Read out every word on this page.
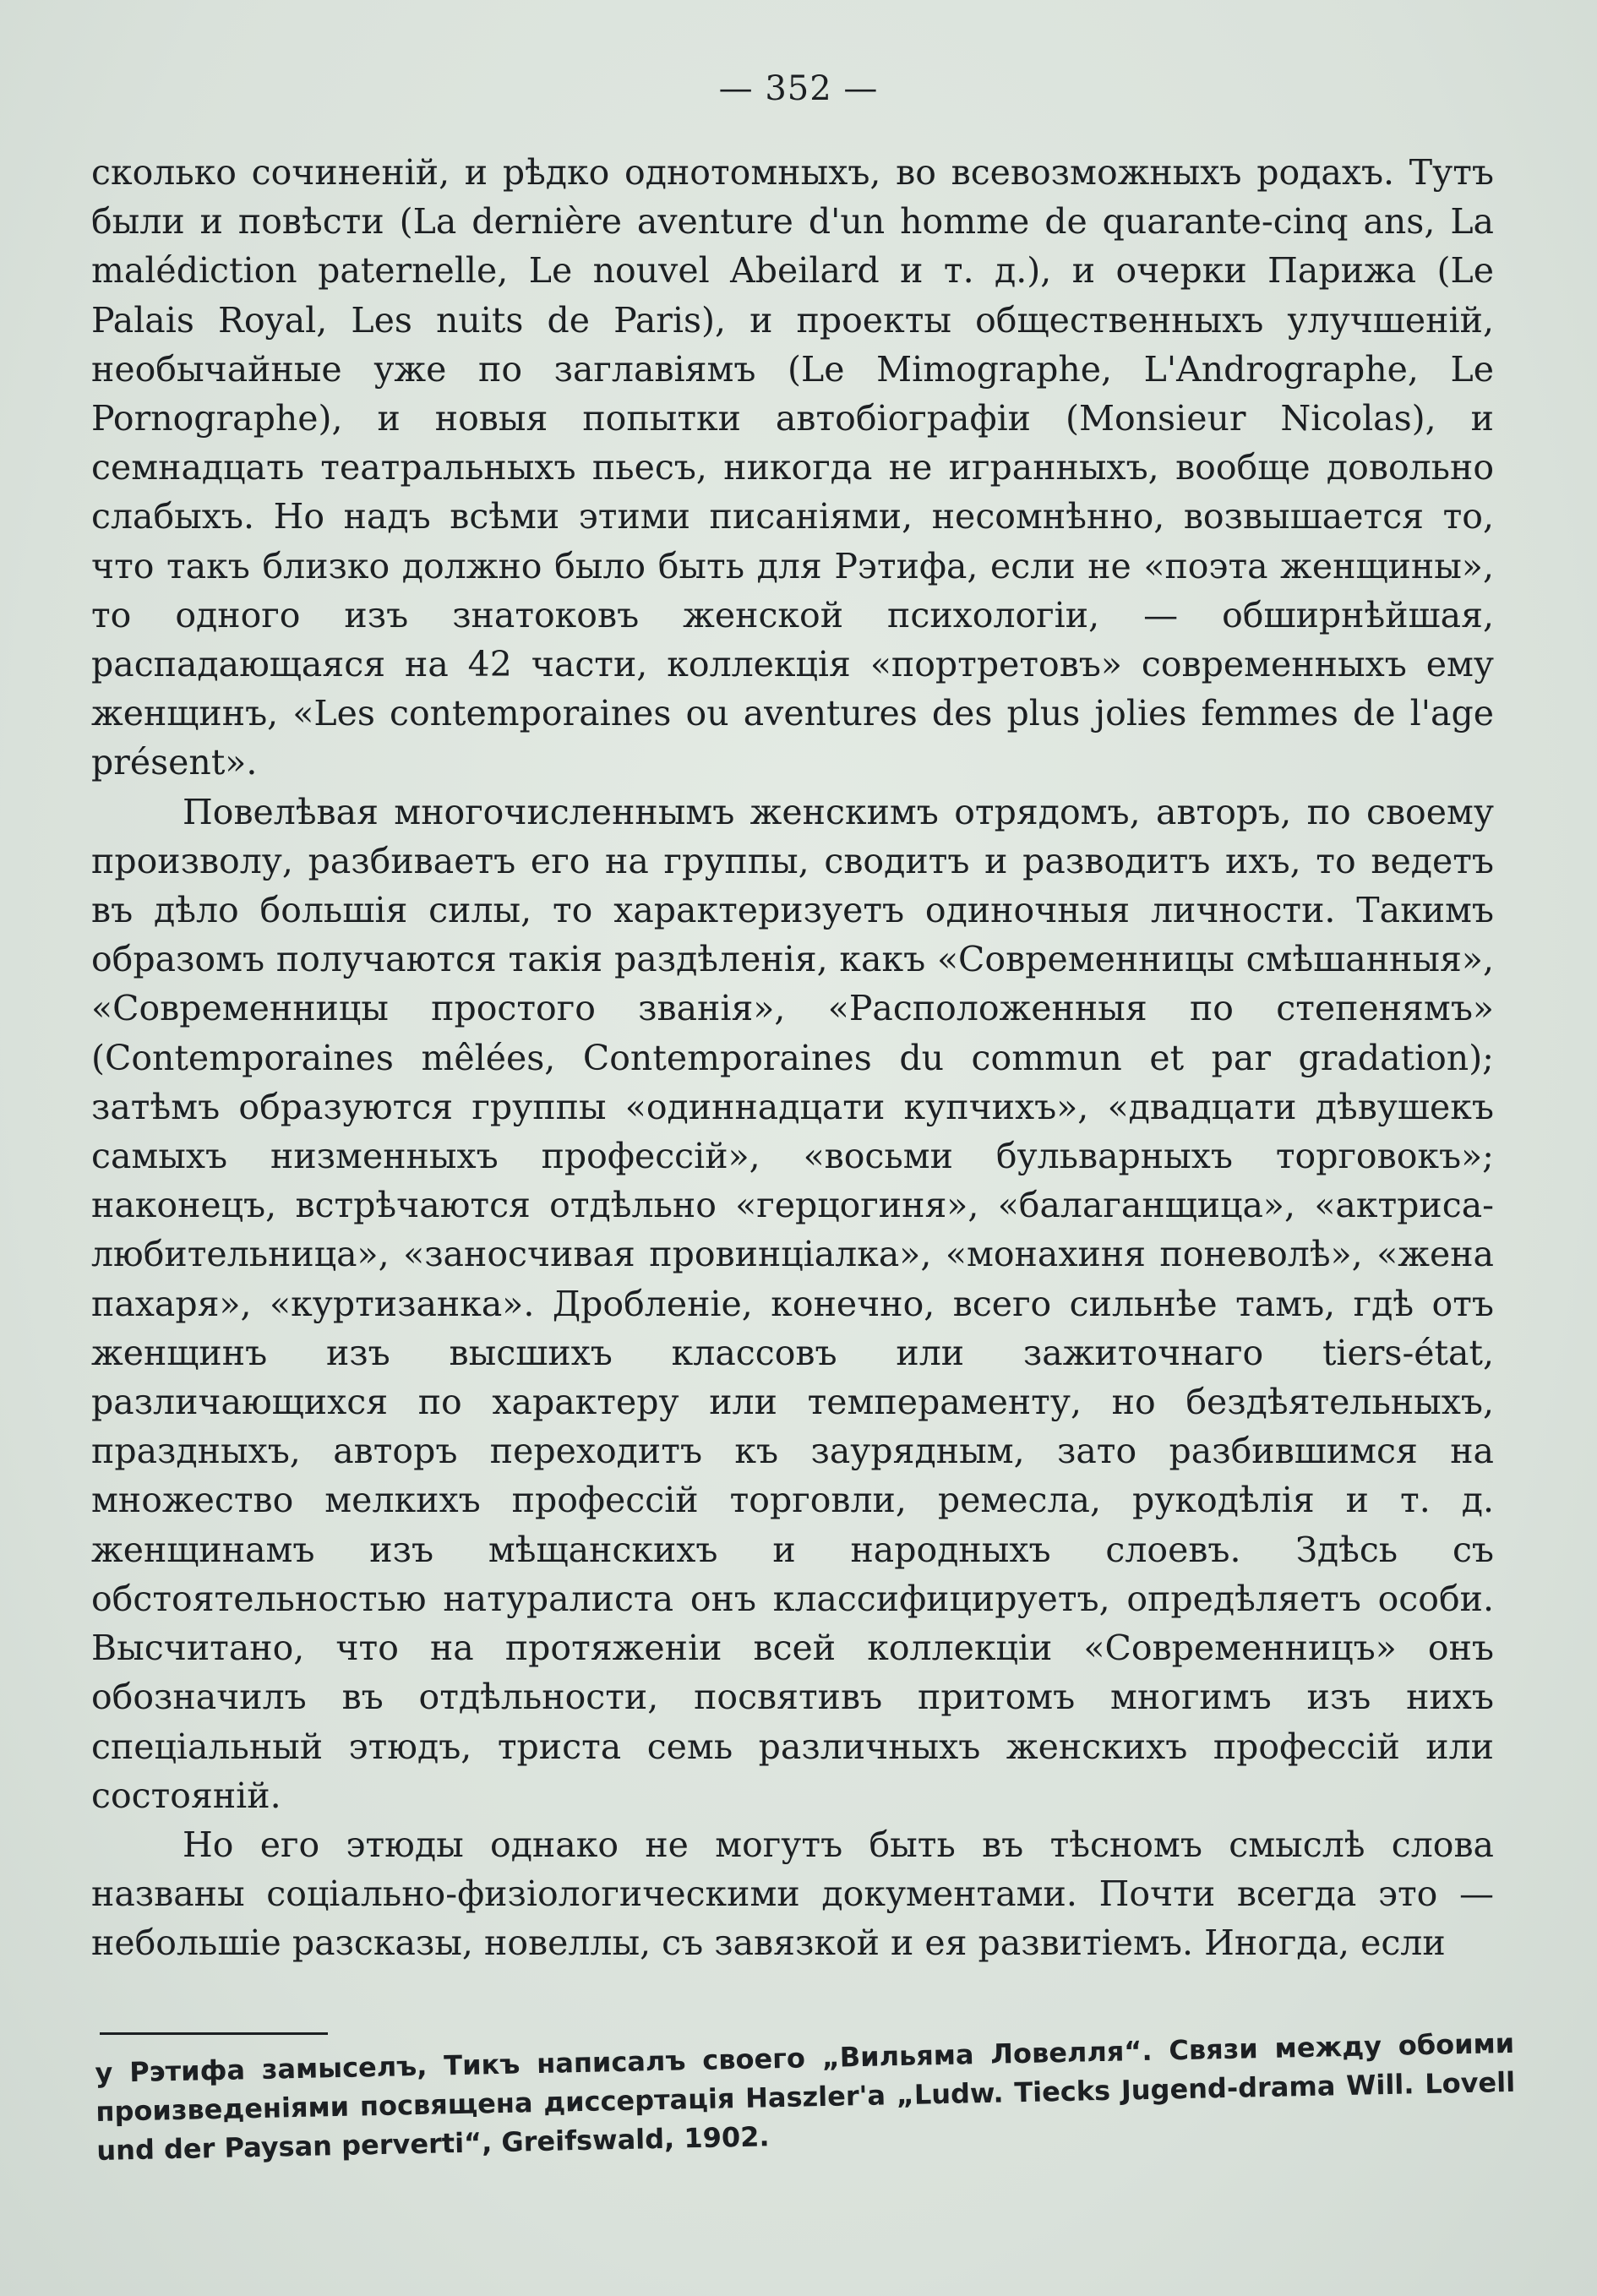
— 352 —

сколько сочиненій, и рѣдко однотомныхъ, во всевозможныхъ родахъ. Тутъ были и повѣсти (La dernière aventure d'un homme de quarante-cinq ans, La malédiction paternelle, Le nouvel Abeilard и т. д.), и очерки Парижа (Le Palais Royal, Les nuits de Paris), и проекты общественныхъ улучшеній, необычайные уже по заглавіямъ (Le Mimographe, L'Andrographe, Le Pornographe), и новыя попытки автобіографіи (Monsieur Nicolas), и семнадцать театральныхъ пьесъ, никогда не игранныхъ, вообще довольно слабыхъ. Но надъ всѣми этими писаніями, несомнѣнно, возвышается то, что такъ близко должно было быть для Рэтифа, если не «поэта женщины», то одного изъ знатоковъ женской психологіи, — обширнѣйшая, распадающаяся на 42 части, коллекція «портретовъ» современныхъ ему женщинъ, «Les contemporaines ou aventures des plus jolies femmes de l'age présent».

Повелѣвая многочисленнымъ женскимъ отрядомъ, авторъ, по своему произволу, разбиваетъ его на группы, сводитъ и разводитъ ихъ, то ведетъ въ дѣло большія силы, то характеризуетъ одиночныя личности. Такимъ образомъ получаются такія раздѣленія, какъ «Современницы смѣшанныя», «Современницы простого званія», «Расположенныя по степенямъ» (Contemporaines mêlées, Contemporaines du commun et par gradation); затѣмъ образуются группы «одиннадцати купчихъ», «двадцати дѣвушекъ самыхъ низменныхъ профессій», «восьми бульварныхъ торговокъ»; наконецъ, встрѣчаются отдѣльно «герцогиня», «балаганщица», «актриса-любительница», «заносчивая провинціалка», «монахиня поневолѣ», «жена пахаря», «куртизанка». Дробленіе, конечно, всего сильнѣе тамъ, гдѣ отъ женщинъ изъ высшихъ классовъ или зажиточнаго tiers-état, различающихся по характеру или темпераменту, но бездѣятельныхъ, праздныхъ, авторъ переходитъ къ заурядным, зато разбившимся на множество мелкихъ профессій торговли, ремесла, рукодѣлія и т. д. женщинамъ изъ мѣщанскихъ и народныхъ слоевъ. Здѣсь съ обстоятельностью натуралиста онъ классифицируетъ, опредѣляетъ особи. Высчитано, что на протяженіи всей коллекціи «Современницъ» онъ обозначилъ въ отдѣльности, посвятивъ притомъ многимъ изъ нихъ спеціальный этюдъ, триста семь различныхъ женскихъ профессій или состояній.

Но его этюды однако не могутъ быть въ тѣсномъ смыслѣ слова названы соціально-физіологическими документами. Почти всегда это — небольшіе разсказы, новеллы, съ завязкой и ея развитіемъ. Иногда, если

у Рэтифа замыселъ, Тикъ написалъ своего „Вильяма Ловелля“. Связи между обоими произведеніями посвящена диссертація Haszler'а „Ludw. Tiecks Jugend-drama Will. Lovell und der Paysan perverti“, Greifswald, 1902.
